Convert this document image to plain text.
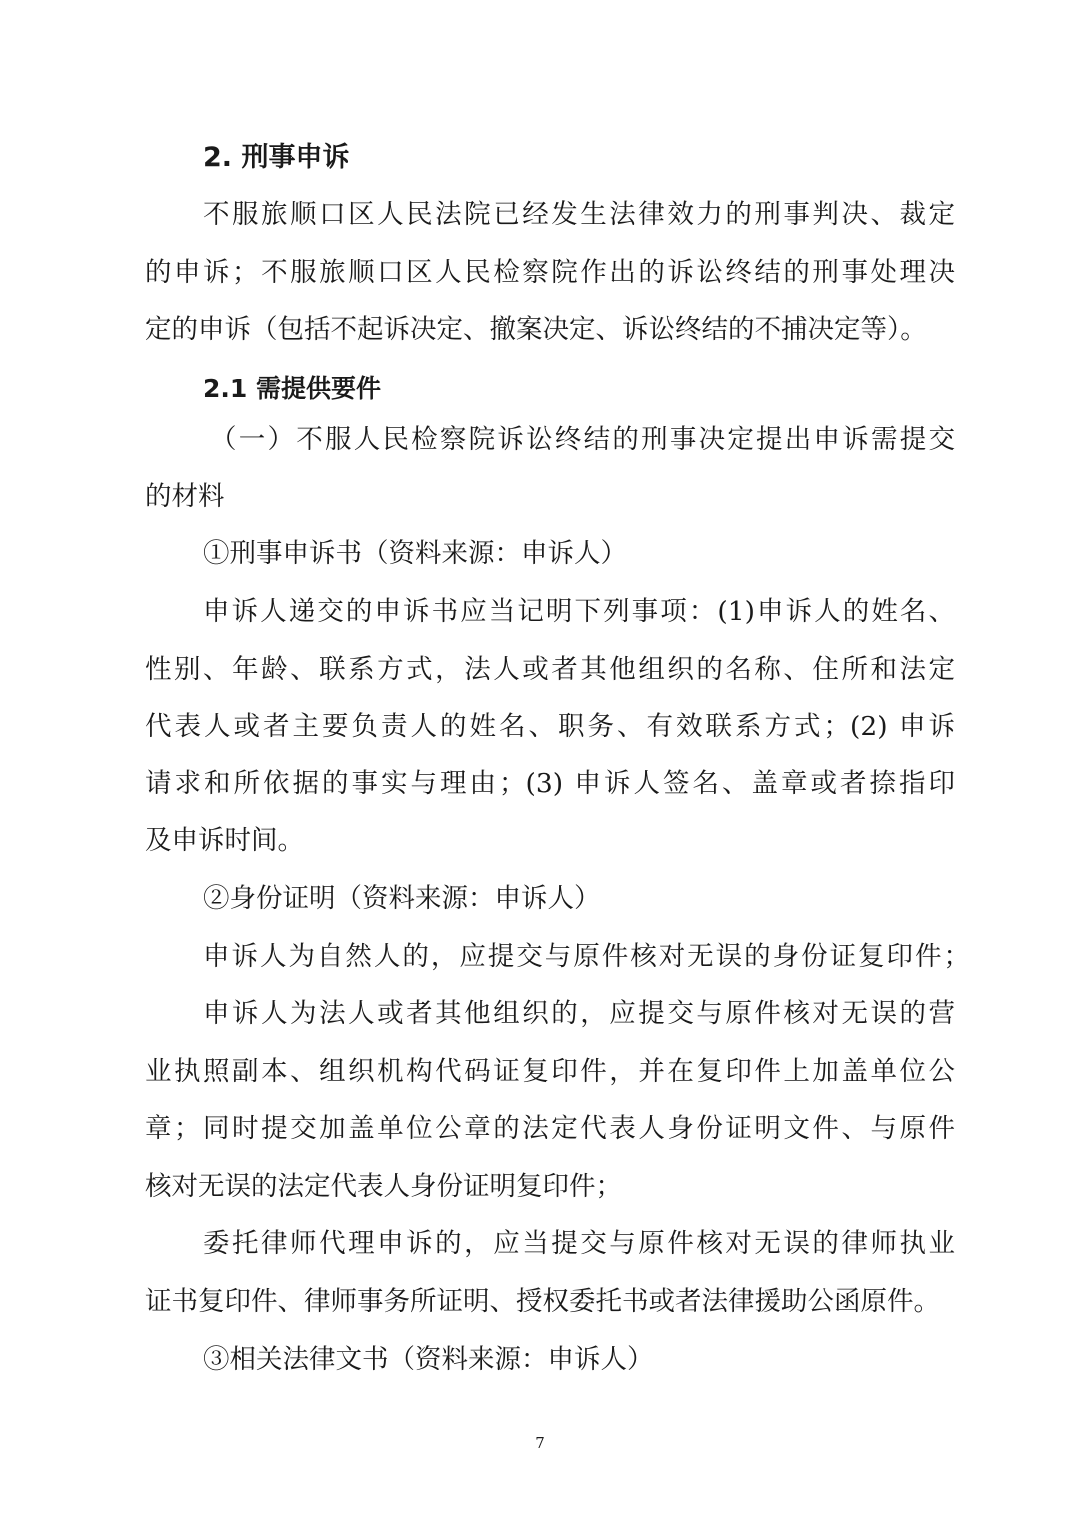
2. 刑事申诉
不服旅顺口区人民法院已经发生法律效力的刑事判决、裁定
的申诉；不服旅顺口区人民检察院作出的诉讼终结的刑事处理决
定的申诉（包括不起诉决定、撤案决定、诉讼终结的不捕决定等）。
2.1 需提供要件
（一）不服人民检察院诉讼终结的刑事决定提出申诉需提交
的材料
①刑事申诉书（资料来源：申诉人）
申诉人递交的申诉书应当记明下列事项：(1)申诉人的姓名、
性别、年龄、联系方式，法人或者其他组织的名称、住所和法定
代表人或者主要负责人的姓名、职务、有效联系方式；(2) 申诉
请求和所依据的事实与理由；(3) 申诉人签名、盖章或者捺指印
及申诉时间。
②身份证明（资料来源：申诉人）
申诉人为自然人的，应提交与原件核对无误的身份证复印件；
申诉人为法人或者其他组织的，应提交与原件核对无误的营
业执照副本、组织机构代码证复印件，并在复印件上加盖单位公
章；同时提交加盖单位公章的法定代表人身份证明文件、与原件
核对无误的法定代表人身份证明复印件；
委托律师代理申诉的，应当提交与原件核对无误的律师执业
证书复印件、律师事务所证明、授权委托书或者法律援助公函原件。
③相关法律文书（资料来源：申诉人）
7
